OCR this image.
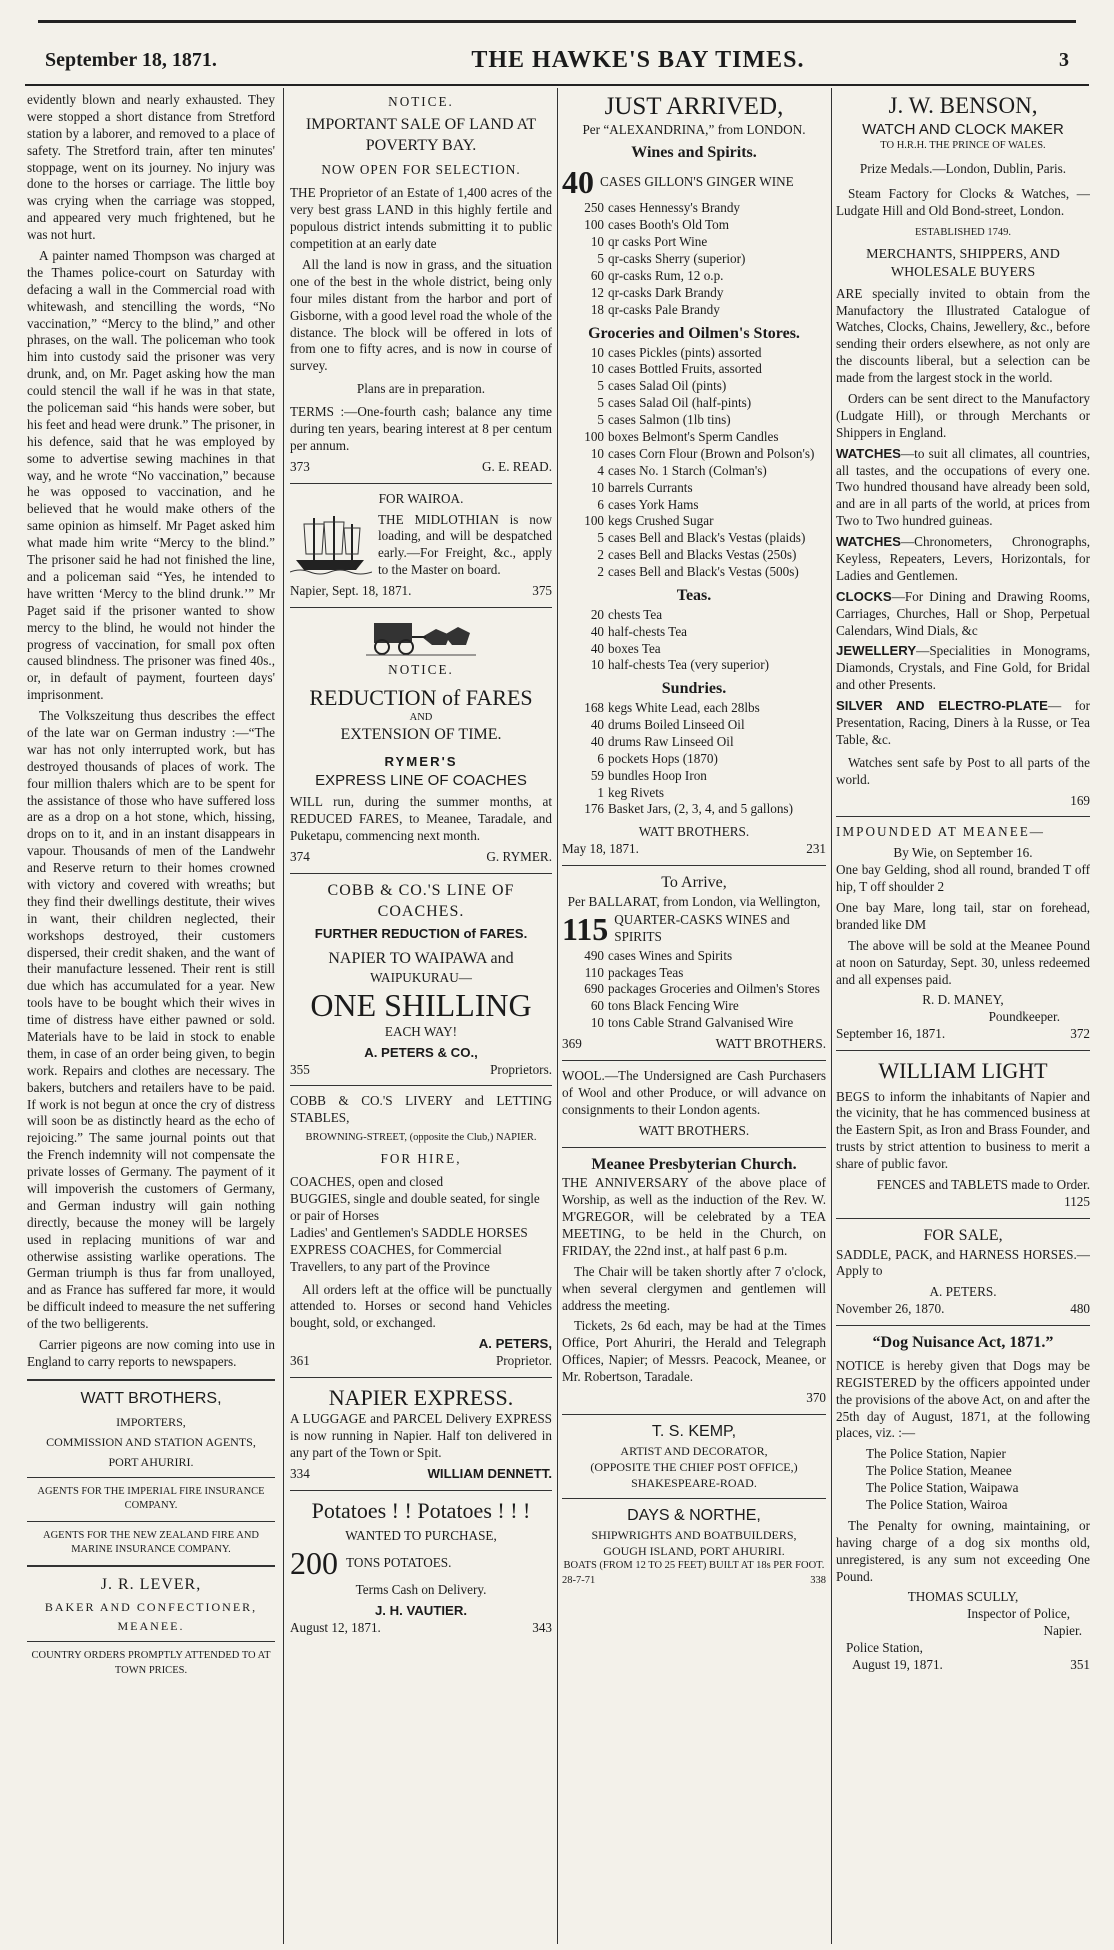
September 18, 1871.	THE HAWKE'S BAY TIMES.	3

evidently blown and nearly exhausted. They were stopped a short distance from Stretford station by a laborer, and removed to a place of safety. The Stretford train, after ten minutes' stoppage, went on its journey. No injury was done to the horses or carriage. The little boy was crying when the carriage was stopped, and appeared very much frightened, but he was not hurt.

A painter named Thompson was charged at the Thames police-court on Saturday with defacing a wall in the Commercial road with whitewash, and stencilling the words, “No vaccination,” “Mercy to the blind,” and other phrases, on the wall. The policeman who took him into custody said the prisoner was very drunk, and, on Mr. Paget asking how the man could stencil the wall if he was in that state, the policeman said “his hands were sober, but his feet and head were drunk.” The prisoner, in his defence, said that he was employed by some to advertise sewing machines in that way, and he wrote “No vaccination,” because he was opposed to vaccination, and he believed that he would make others of the same opinion as himself. Mr Paget asked him what made him write “Mercy to the blind.” The prisoner said he had not finished the line, and a policeman said “Yes, he intended to have written ‘Mercy to the blind drunk.’” Mr Paget said if the prisoner wanted to show mercy to the blind, he would not hinder the progress of vaccination, for small pox often caused blindness. The prisoner was fined 40s., or, in default of payment, fourteen days' imprisonment.

The Volkszeitung thus describes the effect of the late war on German industry :—“The war has not only interrupted work, but has destroyed thousands of places of work. The four million thalers which are to be spent for the assistance of those who have suffered loss are as a drop on a hot stone, which, hissing, drops on to it, and in an instant disappears in vapour. Thousands of men of the Landwehr and Reserve return to their homes crowned with victory and covered with wreaths; but they find their dwellings destitute, their wives in want, their children neglected, their workshops destroyed, their customers dispersed, their credit shaken, and the want of their manufacture lessened. Their rent is still due which has accumulated for a year. New tools have to be bought which their wives in time of distress have either pawned or sold. Materials have to be laid in stock to enable them, in case of an order being given, to begin work. Repairs and clothes are necessary. The bakers, butchers and retailers have to be paid. If work is not begun at once the cry of distress will soon be as distinctly heard as the echo of rejoicing.” The same journal points out that the French indemnity will not compensate the private losses of Germany. The payment of it will impoverish the customers of Germany, and German industry will gain nothing directly, because the money will be largely used in replacing munitions of war and otherwise assisting warlike operations. The German triumph is thus far from unalloyed, and as France has suffered far more, it would be difficult indeed to measure the net suffering of the two belligerents.

Carrier pigeons are now coming into use in England to carry reports to newspapers.

WATT BROTHERS,
IMPORTERS,
COMMISSION AND STATION AGENTS,
PORT AHURIRI.
AGENTS FOR THE IMPERIAL FIRE INSURANCE COMPANY.
AGENTS FOR THE NEW ZEALAND FIRE AND MARINE INSURANCE COMPANY.
J. R. LEVER,
BAKER AND CONFECTIONER,
MEANEE.
COUNTRY ORDERS PROMPTLY ATTENDED TO AT TOWN PRICES.
NOTICE.
IMPORTANT SALE OF LAND AT POVERTY BAY.
NOW OPEN FOR SELECTION.

THE Proprietor of an Estate of 1,400 acres of the very best grass LAND in this highly fertile and populous district intends submitting it to public competition at an early date

All the land is now in grass, and the situation one of the best in the whole district, being only four miles distant from the harbor and port of Gisborne, with a good level road the whole of the distance. The block will be offered in lots of from one to fifty acres, and is now in course of survey.

Plans are in preparation.

TERMS :—One-fourth cash; balance any time during ten years, bearing interest at 8 per centum per annum.

373	G. E. READ.
FOR WAIROA.

THE MIDLOTHIAN is now loading, and will be despatched early.—For Freight, &c., apply to the Master on board.

Napier, Sept. 18, 1871.	375
NOTICE.
REDUCTION of FARES
AND
EXTENSION OF TIME.
RYMER'S
EXPRESS LINE OF COACHES

WILL run, during the summer months, at REDUCED FARES, to Meanee, Taradale, and Puketapu, commencing next month.

374	G. RYMER.
COBB & CO.'S LINE OF COACHES.
FURTHER REDUCTION of FARES.
NAPIER TO WAIPAWA and
WAIPUKURAU—
ONE SHILLING
EACH WAY!
A. PETERS & CO.,
355	Proprietors.

COBB & CO.'S LIVERY and LETTING STABLES,

BROWNING-STREET, (opposite the Club,) NAPIER.
FOR HIRE,
COACHES, open and closed
BUGGIES, single and double seated, for single or pair of Horses
Ladies' and Gentlemen's SADDLE HORSES
EXPRESS COACHES, for Commercial Travellers, to any part of the Province

All orders left at the office will be punctually attended to. Horses or second hand Vehicles bought, sold, or exchanged.

A. PETERS,
361	Proprietor.
NAPIER EXPRESS.

A LUGGAGE and PARCEL Delivery EXPRESS is now running in Napier. Half ton delivered in any part of the Town or Spit.

334	WILLIAM DENNETT.
Potatoes ! ! Potatoes ! ! !
WANTED TO PURCHASE,
200 TONS POTATOES.
Terms Cash on Delivery.
J. H. VAUTIER.
August 12, 1871.	343
JUST ARRIVED,
Per “ALEXANDRINA,” from LONDON.
Wines and Spirits.
40 CASES GILLON'S GINGER WINE
250 cases Hennessy's Brandy
100 cases Booth's Old Tom
10 qr casks Port Wine
5 qr-casks Sherry (superior)
60 qr-casks Rum, 12 o.p.
12 qr-casks Dark Brandy
18 qr-casks Pale Brandy
Groceries and Oilmen's Stores.
10 cases Pickles (pints) assorted
10 cases Bottled Fruits, assorted
5 cases Salad Oil (pints)
5 cases Salad Oil (half-pints)
5 cases Salmon (1lb tins)
100 boxes Belmont's Sperm Candles
10 cases Corn Flour (Brown and Polson's)
4 cases No. 1 Starch (Colman's)
10 barrels Currants
6 cases York Hams
100 kegs Crushed Sugar
5 cases Bell and Black's Vestas (plaids)
2 cases Bell and Blacks Vestas (250s)
2 cases Bell and Black's Vestas (500s)
Teas.
20 chests Tea
40 half-chests Tea
40 boxes Tea
10 half-chests Tea (very superior)
Sundries.
168 kegs White Lead, each 28lbs
40 drums Boiled Linseed Oil
40 drums Raw Linseed Oil
6 pockets Hops (1870)
59 bundles Hoop Iron
1 keg Rivets
176 Basket Jars, (2, 3, 4, and 5 gallons)
WATT BROTHERS.
May 18, 1871.	231
To Arrive,
Per BALLARAT, from London, via Wellington,
115 QUARTER-CASKS WINES and SPIRITS
490 cases Wines and Spirits
110 packages Teas
690 packages Groceries and Oilmen's Stores
60 tons Black Fencing Wire
10 tons Cable Strand Galvanised Wire
369	WATT BROTHERS.

WOOL.—The Undersigned are Cash Purchasers of Wool and other Produce, or will advance on consignments to their London agents.

WATT BROTHERS.
Meanee Presbyterian Church.

THE ANNIVERSARY of the above place of Worship, as well as the induction of the Rev. W. M'GREGOR, will be celebrated by a TEA MEETING, to be held in the Church, on FRIDAY, the 22nd inst., at half past 6 p.m.

The Chair will be taken shortly after 7 o'clock, when several clergymen and gentlemen will address the meeting.

Tickets, 2s 6d each, may be had at the Times Office, Port Ahuriri, the Herald and Telegraph Offices, Napier; of Messrs. Peacock, Meanee, or Mr. Robertson, Taradale.

370
T. S. KEMP,
ARTIST AND DECORATOR,
(OPPOSITE THE CHIEF POST OFFICE,)
SHAKESPEARE-ROAD.
DAYS & NORTHE,
SHIPWRIGHTS AND BOATBUILDERS,
GOUGH ISLAND, PORT AHURIRI.
BOATS (FROM 12 TO 25 FEET) BUILT AT 18s PER FOOT.
28-7-71	338
J. W. BENSON,
WATCH AND CLOCK MAKER
TO H.R.H. THE PRINCE OF WALES.
Prize Medals.—London, Dublin, Paris.

Steam Factory for Clocks & Watches, —Ludgate Hill and Old Bond-street, London.

ESTABLISHED 1749.
MERCHANTS, SHIPPERS, AND WHOLESALE BUYERS

ARE specially invited to obtain from the Manufactory the Illustrated Catalogue of Watches, Clocks, Chains, Jewellery, &c., before sending their orders elsewhere, as not only are the discounts liberal, but a selection can be made from the largest stock in the world.

Orders can be sent direct to the Manufactory (Ludgate Hill), or through Merchants or Shippers in England.

WATCHES—to suit all climates, all countries, all tastes, and the occupations of every one. Two hundred thousand have already been sold, and are in all parts of the world, at prices from Two to Two hundred guineas.

WATCHES—Chronometers, Chronographs, Keyless, Repeaters, Levers, Horizontals, for Ladies and Gentlemen.

CLOCKS—For Dining and Drawing Rooms, Carriages, Churches, Hall or Shop, Perpetual Calendars, Wind Dials, &c

JEWELLERY—Specialities in Monograms, Diamonds, Crystals, and Fine Gold, for Bridal and other Presents.

SILVER AND ELECTRO-PLATE— for Presentation, Racing, Diners à la Russe, or Tea Table, &c.

Watches sent safe by Post to all parts of the world.

169
IMPOUNDED AT MEANEE—
By Wie, on September 16.

One bay Gelding, shod all round, branded T off hip, T off shoulder 2

One bay Mare, long tail, star on forehead, branded like DM

The above will be sold at the Meanee Pound at noon on Saturday, Sept. 30, unless redeemed and all expenses paid.

R. D. MANEY,
Poundkeeper.
September 16, 1871.	372
WILLIAM LIGHT

BEGS to inform the inhabitants of Napier and the vicinity, that he has commenced business at the Eastern Spit, as Iron and Brass Founder, and trusts by strict attention to business to merit a share of public favor.

FENCES and TABLETS made to Order.
1125
FOR SALE,

SADDLE, PACK, and HARNESS HORSES.—Apply to

A. PETERS.
November 26, 1870.	480
“Dog Nuisance Act, 1871.”

NOTICE is hereby given that Dogs may be REGISTERED by the officers appointed under the provisions of the above Act, on and after the 25th day of August, 1871, at the following places, viz. :—

The Police Station, Napier
The Police Station, Meanee
The Police Station, Waipawa
The Police Station, Wairoa

The Penalty for owning, maintaining, or having charge of a dog six months old, unregistered, is any sum not exceeding One Pound.

THOMAS SCULLY,
Inspector of Police,
Napier.
Police Station,
August 19, 1871.	351
